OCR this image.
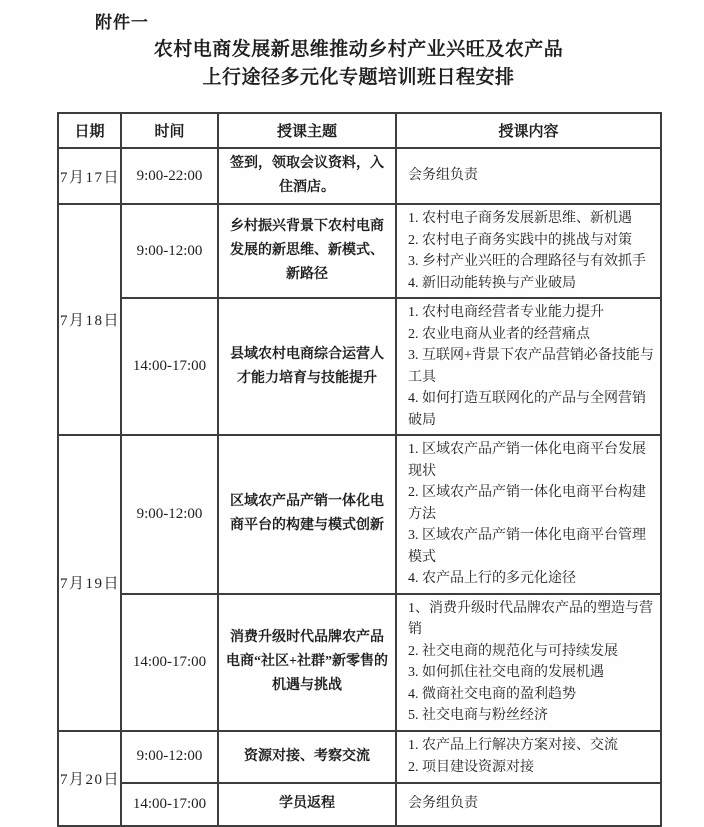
附件一
农村电商发展新思维推动乡村产业兴旺及农产品
上行途径多元化专题培训班日程安排
日期	时间	授课主题	授课内容
7月17日	9:00-22:00	签到，领取会议资料，入住酒店。	会务组负责

7月18日	9:00-12:00	乡村振兴背景下农村电商发展的新思维、新模式、新路径	1. 农村电子商务发展新思维、新机遇
2. 农村电子商务实践中的挑战与对策
3. 乡村产业兴旺的合理路径与有效抓手
4. 新旧动能转换与产业破局

	14:00-17:00	县域农村电商综合运营人才能力培育与技能提升	1. 农村电商经营者专业能力提升
2. 农业电商从业者的经营痛点
3. 互联网+背景下农产品营销必备技能与工具
4. 如何打造互联网化的产品与全网营销破局

7月19日	9:00-12:00	区域农产品产销一体化电商平台的构建与模式创新	1. 区域农产品产销一体化电商平台发展现状
2. 区域农产品产销一体化电商平台构建方法
3. 区域农产品产销一体化电商平台管理模式
4. 农产品上行的多元化途径

	14:00-17:00	消费升级时代品牌农产品电商“社区+社群”新零售的机遇与挑战	1、消费升级时代品牌农产品的塑造与营销
2. 社交电商的规范化与可持续发展
3. 如何抓住社交电商的发展机遇
4. 微商社交电商的盈利趋势
5. 社交电商与粉丝经济

7月20日	9:00-12:00	资源对接、考察交流	1. 农产品上行解决方案对接、交流
2. 项目建设资源对接

	14:00-17:00	学员返程	会务组负责
